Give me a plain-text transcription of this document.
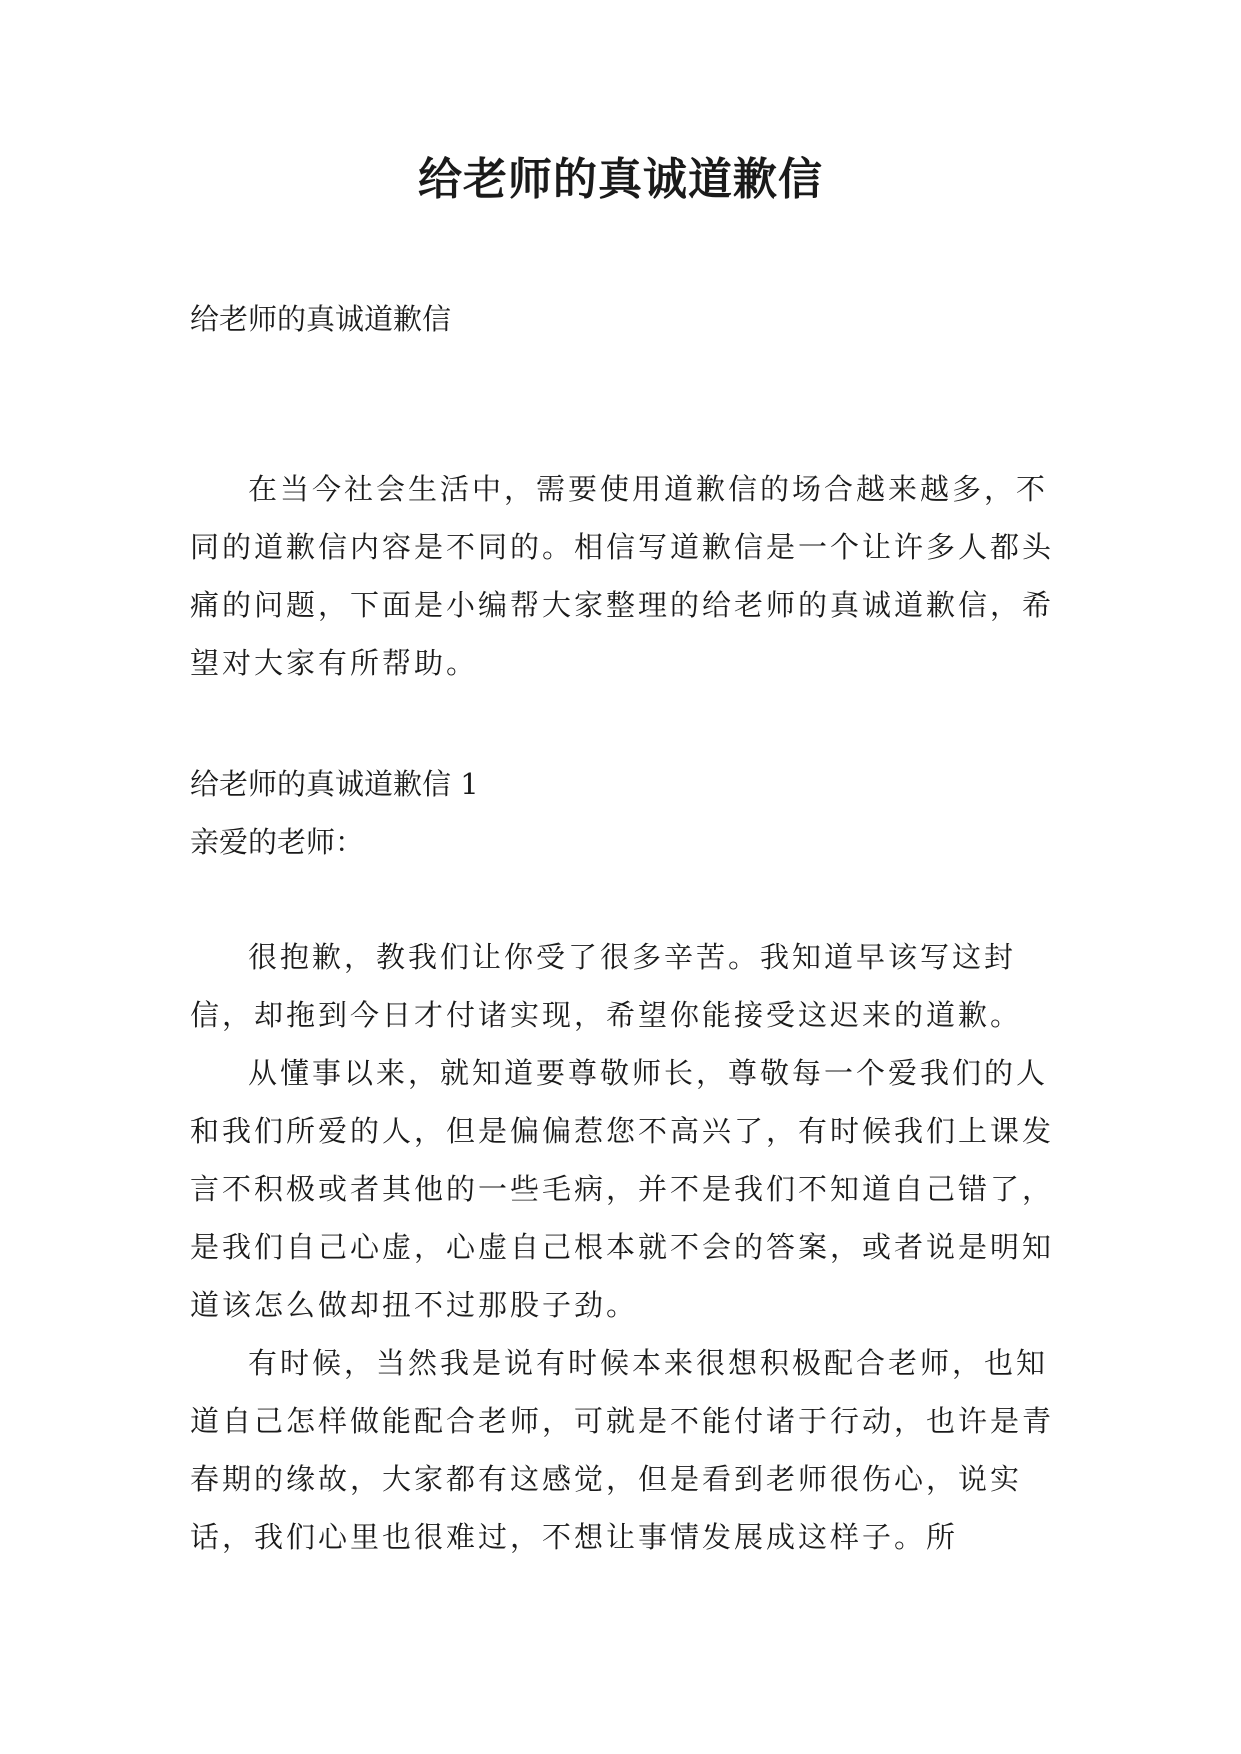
给老师的真诚道歉信

给老师的真诚道歉信

在当今社会生活中，需要使用道歉信的场合越来越多，不同的道歉信内容是不同的。相信写道歉信是一个让许多人都头痛的问题，下面是小编帮大家整理的给老师的真诚道歉信，希望对大家有所帮助。

给老师的真诚道歉信 1

亲爱的老师：

很抱歉，教我们让你受了很多辛苦。我知道早该写这封信，却拖到今日才付诸实现，希望你能接受这迟来的道歉。

从懂事以来，就知道要尊敬师长，尊敬每一个爱我们的人和我们所爱的人，但是偏偏惹您不高兴了，有时候我们上课发言不积极或者其他的一些毛病，并不是我们不知道自己错了，是我们自己心虚，心虚自己根本就不会的答案，或者说是明知道该怎么做却扭不过那股子劲。

有时候，当然我是说有时候本来很想积极配合老师，也知道自己怎样做能配合老师，可就是不能付诸于行动，也许是青春期的缘故，大家都有这感觉，但是看到老师很伤心，说实话，我们心里也很难过，不想让事情发展成这样子。所
